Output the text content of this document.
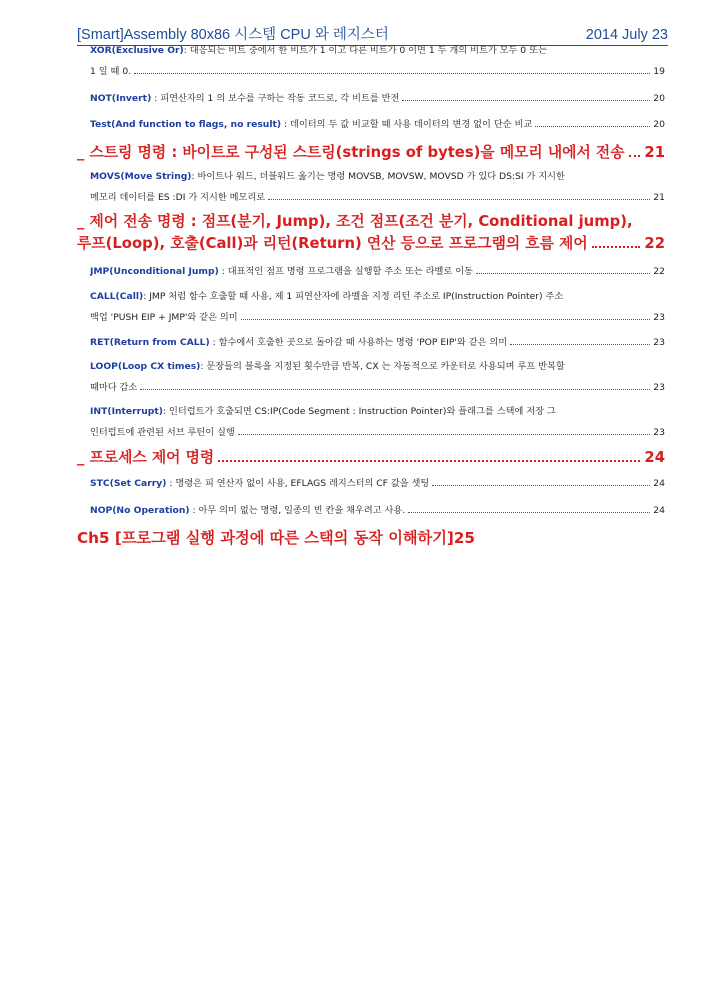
[Smart]Assembly 80x86 시스템 CPU 와 레지스터	2014 July 23
XOR(Exclusive Or) : 대응되는 비트 중에서 한 비트가 1 이고 다른 비트가 0 이면 1 두 개의 비트가 모두 0 또는
1 일 때 0.	19
NOT(Invert) : 피연산자의 1 의 보수를 구하는 작동 코드로, 각 비트를 반전	20
Test(And function to flags, no result) : 데이터의 두 값 비교할 때 사용 데이터의 변경 없이 단순 비교	20
_ 스트링 명령 : 바이트로 구성된 스트링(strings of bytes)을 메모리 내에서 전송 21
MOVS(Move String) : 바이트나 워드, 더블워드 옮기는 명령 MOVSB, MOVSW, MOVSD 가 있다 DS:SI 가 지시한
메모리 데이터를 ES :DI 가 지시한 메모리로	21
_ 제어 전송 명령 : 점프(분기, Jump), 조건 점프(조건 분기, Conditional jump),
루프(Loop), 호출(Call)과 리턴(Return) 연산 등으로 프로그램의 흐름 제어	22
JMP(Unconditional Jump) : 대표적인 점프 명령 프로그램을 실행할 주소 또는 라벨로 이동	22
CALL(Call) : JMP 처럼 함수 호출할 때 사용, 제 1 피연산자에 라벨을 지정 리턴 주소로 IP(Instruction Pointer) 주소
백업 'PUSH EIP + JMP'와 같은 의미	23
RET(Return from CALL) : 함수에서 호출한 곳으로 돌아갈 때 사용하는 명령 'POP EIP'와 같은 의미	23
LOOP(Loop CX times) : 문장들의 블록을 지정된 횟수만큼 반복, CX 는 자동적으로 카운터로 사용되며 루프 반복할
때마다 감소	23
INT(Interrupt) : 인터럽트가 호출되면 CS:IP(Code Segment : Instruction Pointer)와 플래그를 스택에 저장 그
인터럽트에 관련된 서브 루틴이 실행	23
_ 프로세스 제어 명령	24
STC(Set Carry) : 명령은 피 연산자 없이 사용, EFLAGS 레지스터의 CF 값을 셋팅	24
NOP(No Operation) : 아무 의미 없는 명령, 일종의 빈 칸을 채우려고 사용.	24
Ch5 [프로그램 실행 과정에 따른 스택의 동작 이해하기] 25
